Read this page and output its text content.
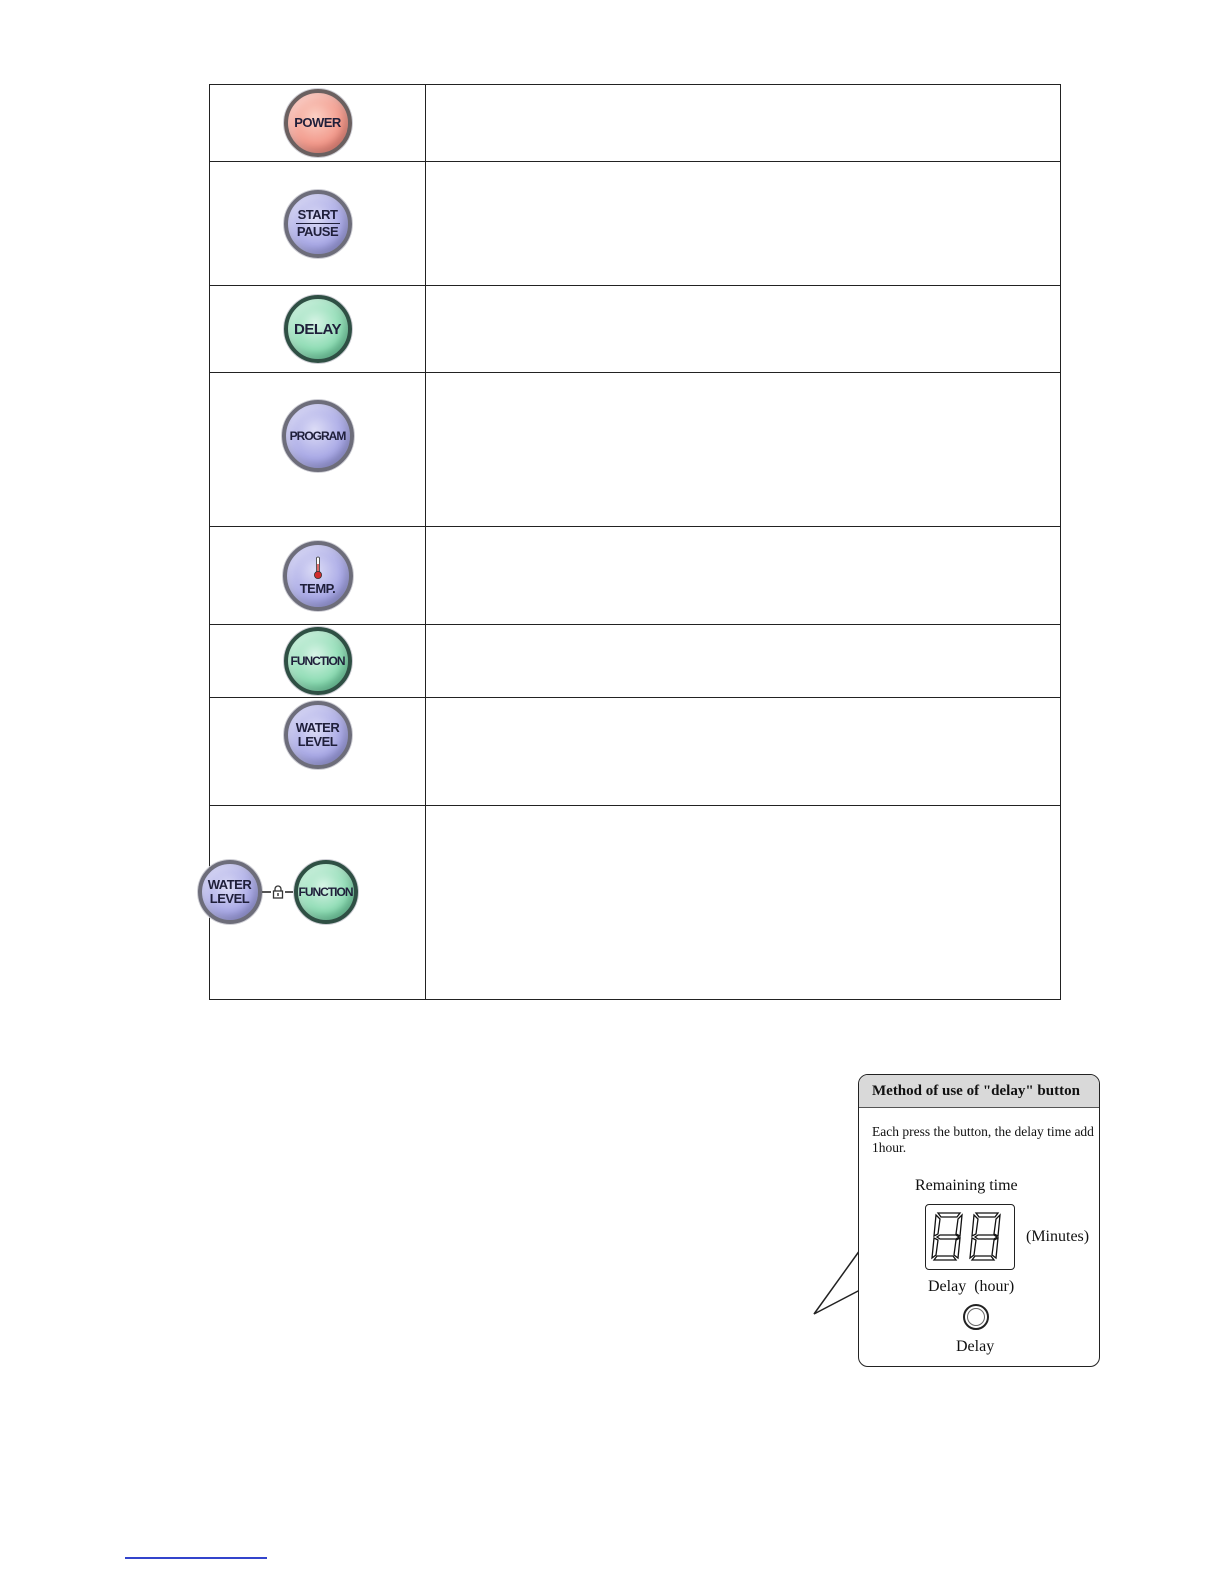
POWER	

START
PAUSE	

DELAY	

PROGRAM	

TEMP.	

FUNCTION	

WATER
LEVEL	

WATER
LEVEL FUNCTION	

Method of use of "delay" button
Each press the button, the delay time add 1hour.
Remaining time
(Minutes)
Delay  (hour)
Delay
